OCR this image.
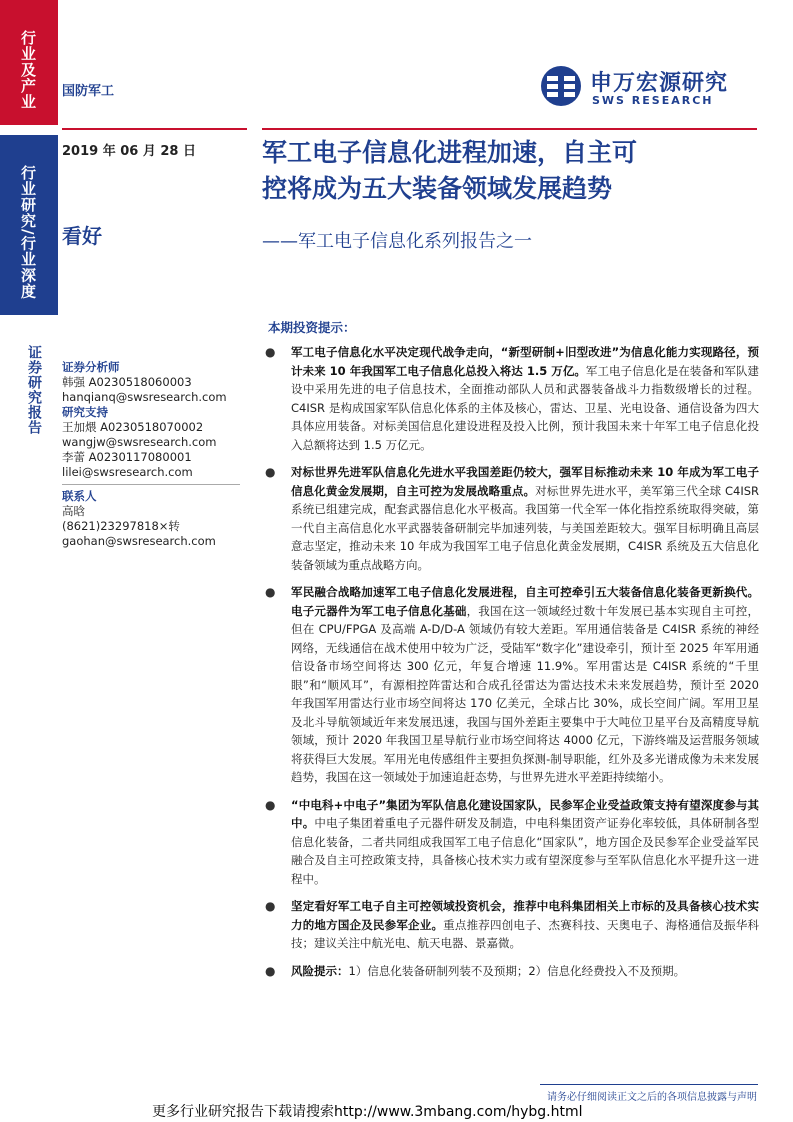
行业及产业
行业研究/行业深度
证券研究报告
国防军工
2019 年 06 月 28 日
看好
申万宏源研究
SWS RESEARCH
军工电子信息化进程加速，自主可
控将成为五大装备领域发展趋势
——军工电子信息化系列报告之一
证券分析师
韩强 A0230518060003
hanqianq@swsresearch.com
研究支持
王加煨 A0230518070002
wangjw@swsresearch.com
李蕾 A0230117080001
lilei@swsresearch.com
联系人
高晗
(8621)23297818×转
gaohan@swsresearch.com
本期投资提示：
● 军工电子信息化水平决定现代战争走向，“新型研制+旧型改进”为信息化能力实现路径，预计未来 10 年我国军工电子信息化总投入将达 1.5 万亿。军工电子信息化是在装备和军队建设中采用先进的电子信息技术，全面推动部队人员和武器装备战斗力指数级增长的过程。C4ISR 是构成国家军队信息化体系的主体及核心，雷达、卫星、光电设备、通信设备为四大具体应用装备。对标美国信息化建设进程及投入比例，预计我国未来十年军工电子信息化投入总额将达到 1.5 万亿元。
● 对标世界先进军队信息化先进水平我国差距仍较大，强军目标推动未来 10 年成为军工电子信息化黄金发展期，自主可控为发展战略重点。对标世界先进水平，美军第三代全球 C4ISR 系统已组建完成，配套武器信息化水平极高。我国第一代全军一体化指控系统取得突破，第一代自主高信息化水平武器装备研制完毕加速列装，与美国差距较大。强军目标明确且高层意志坚定，推动未来 10 年成为我国军工电子信息化黄金发展期，C4ISR 系统及五大信息化装备领域为重点战略方向。
● 军民融合战略加速军工电子信息化发展进程，自主可控牵引五大装备信息化装备更新换代。电子元器件为军工电子信息化基础，我国在这一领域经过数十年发展已基本实现自主可控，但在 CPU/FPGA 及高端 A-D/D-A 领域仍有较大差距。军用通信装备是 C4ISR 系统的神经网络，无线通信在战术使用中较为广泛，受陆军“数字化”建设牵引，预计至 2025 年军用通信设备市场空间将达 300 亿元，年复合增速 11.9%。军用雷达是 C4ISR 系统的“千里眼”和“顺风耳”，有源相控阵雷达和合成孔径雷达为雷达技术未来发展趋势，预计至 2020 年我国军用雷达行业市场空间将达 170 亿美元，全球占比 30%，成长空间广阔。军用卫星及北斗导航领域近年来发展迅速，我国与国外差距主要集中于大吨位卫星平台及高精度导航领域，预计 2020 年我国卫星导航行业市场空间将达 4000 亿元，下游终端及运营服务领域将获得巨大发展。军用光电传感组件主要担负探测-制导职能，红外及多光谱成像为未来发展趋势，我国在这一领域处于加速追赶态势，与世界先进水平差距持续缩小。
● “中电科+中电子”集团为军队信息化建设国家队，民参军企业受益政策支持有望深度参与其中。中电子集团着重电子元器件研发及制造，中电科集团资产证券化率较低，具体研制各型信息化装备，二者共同组成我国军工电子信息化“国家队”，地方国企及民参军企业受益军民融合及自主可控政策支持，具备核心技术实力或有望深度参与至军队信息化水平提升这一进程中。
● 坚定看好军工电子自主可控领域投资机会，推荐中电科集团相关上市标的及具备核心技术实力的地方国企及民参军企业。重点推荐四创电子、杰赛科技、天奥电子、海格通信及振华科技；建议关注中航光电、航天电器、景嘉微。
● 风险提示：1）信息化装备研制列装不及预期；2）信息化经费投入不及预期。
请务必仔细阅读正文之后的各项信息披露与声明
更多行业研究报告下载请搜索http://www.3mbang.com/hybg.html
